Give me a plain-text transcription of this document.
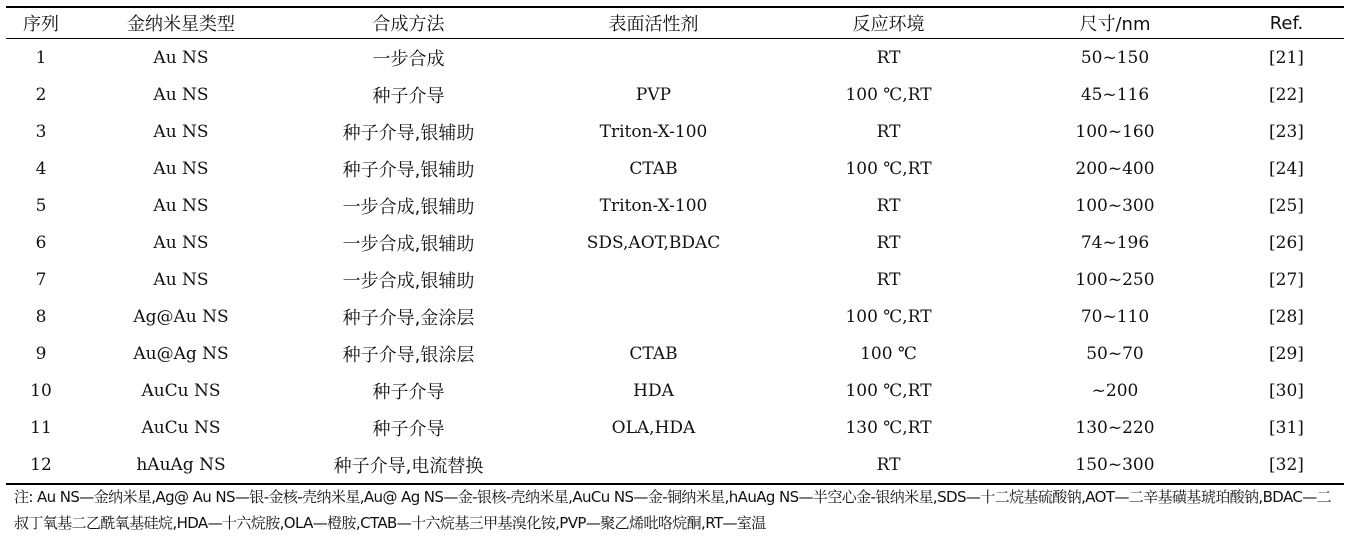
序列	金纳米星类型	合成方法	表面活性剂	反应环境	尺寸/nm	Ref.
1	Au NS	一步合成		RT	50~150	[21]
2	Au NS	种子介导	PVP	100 ℃,RT	45~116	[22]
3	Au NS	种子介导,银辅助	Triton-X-100	RT	100~160	[23]
4	Au NS	种子介导,银辅助	CTAB	100 ℃,RT	200~400	[24]
5	Au NS	一步合成,银辅助	Triton-X-100	RT	100~300	[25]
6	Au NS	一步合成,银辅助	SDS,AOT,BDAC	RT	74~196	[26]
7	Au NS	一步合成,银辅助		RT	100~250	[27]
8	Ag@Au NS	种子介导,金涂层		100 ℃,RT	70~110	[28]
9	Au@Ag NS	种子介导,银涂层	CTAB	100 ℃	50~70	[29]
10	AuCu NS	种子介导	HDA	100 ℃,RT	~200	[30]
11	AuCu NS	种子介导	OLA,HDA	130 ℃,RT	130~220	[31]
12	hAuAg NS	种子介导,电流替换		RT	150~300	[32]
注: Au NS—金纳米星,Ag@ Au NS—银-金核-壳纳米星,Au@ Ag NS—金-银核-壳纳米星,AuCu NS—金-铜纳米星,hAuAg NS—半空心金-银纳米星,SDS—十二烷基硫酸钠,AOT—二辛基磺基琥珀酸钠,BDAC—二叔丁氧基二乙酰氧基硅烷,HDA—十六烷胺,OLA—橙胺,CTAB—十六烷基三甲基溴化铵,PVP—聚乙烯吡咯烷酮,RT—室温
